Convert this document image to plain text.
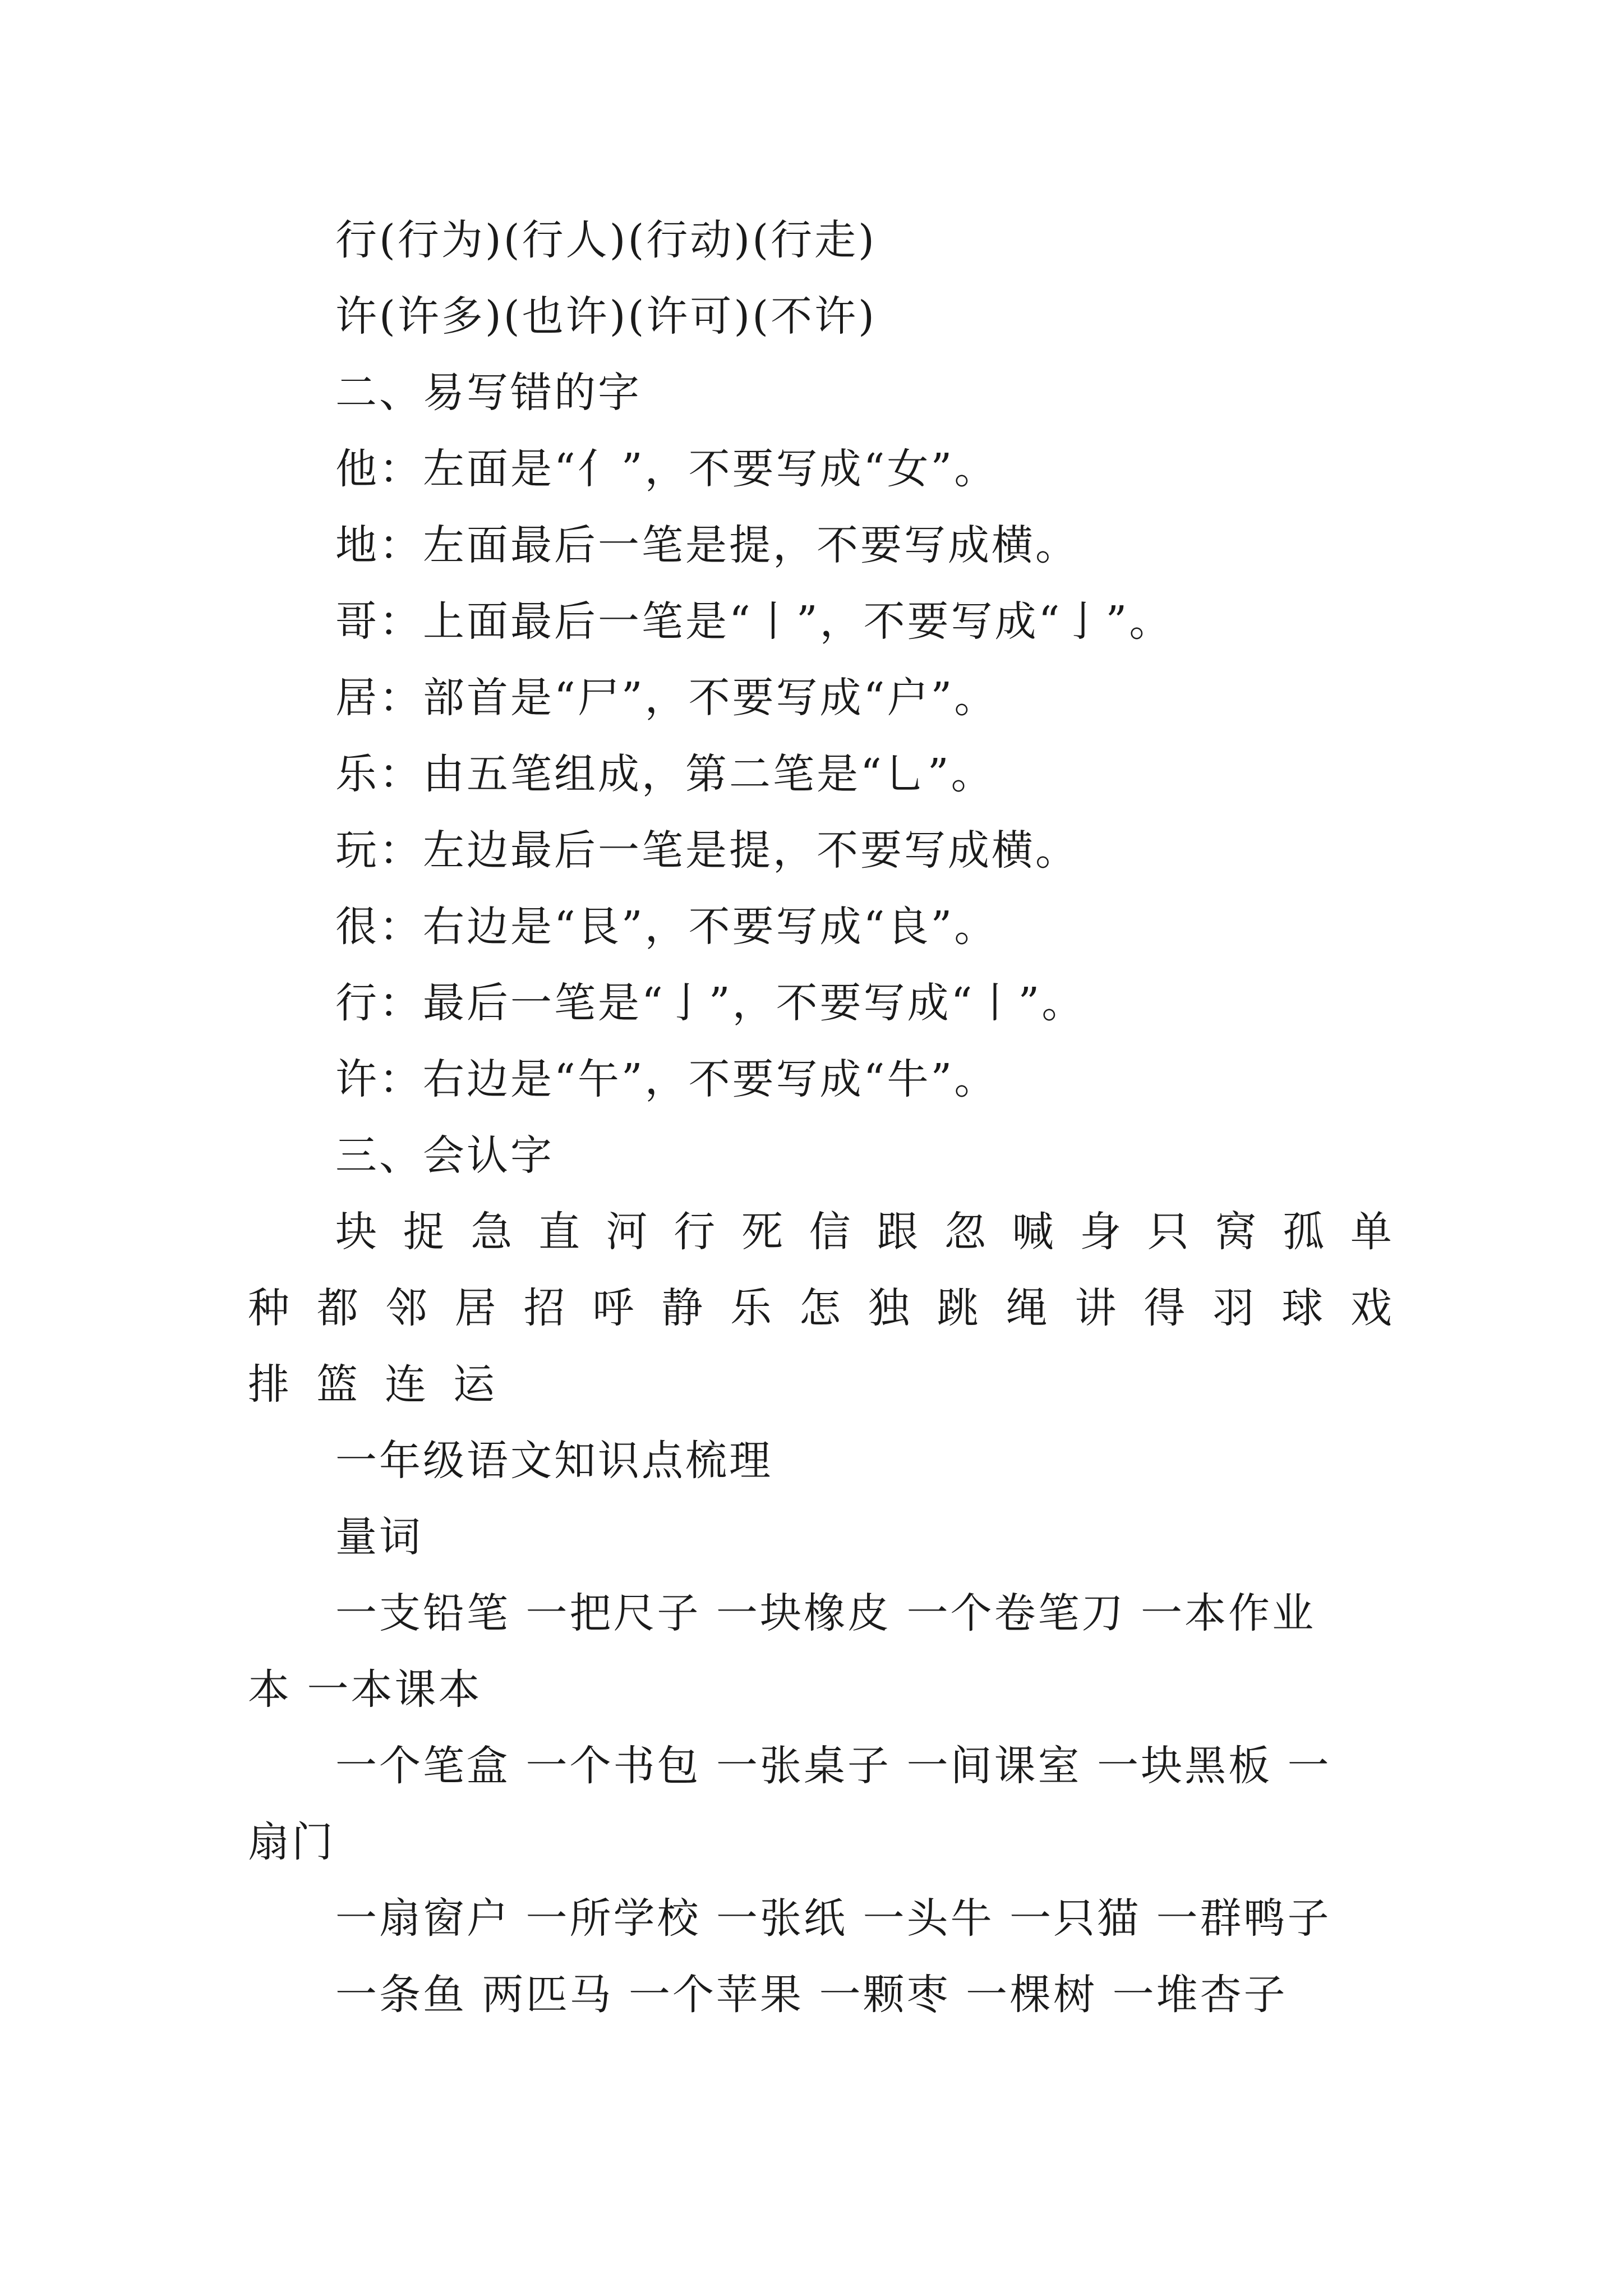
行(行为)(行人)(行动)(行走)
许(许多)(也许)(许可)(不许)
二、易写错的字
他：左面是“亻”，不要写成“女”。
地：左面最后一笔是提，不要写成横。
哥：上面最后一笔是“丨”，不要写成“亅”。
居：部首是“尸”，不要写成“户”。
乐：由五笔组成，第二笔是“乚”。
玩：左边最后一笔是提，不要写成横。
很：右边是“艮”，不要写成“良”。
行：最后一笔是“亅”，不要写成“丨”。
许：右边是“午”，不要写成“牛”。
三、会认字
块 捉 急 直 河 行 死 信 跟 忽 喊 身 只 窝 孤 单
种 都 邻 居 招 呼 静 乐 怎 独 跳 绳 讲 得 羽 球 戏
排 篮 连 运
一年级语文知识点梳理
量词
一支铅笔 一把尺子 一块橡皮 一个卷笔刀 一本作业
本 一本课本
一个笔盒 一个书包 一张桌子 一间课室 一块黑板 一
扇门
一扇窗户 一所学校 一张纸 一头牛 一只猫 一群鸭子
一条鱼 两匹马 一个苹果 一颗枣 一棵树 一堆杏子
